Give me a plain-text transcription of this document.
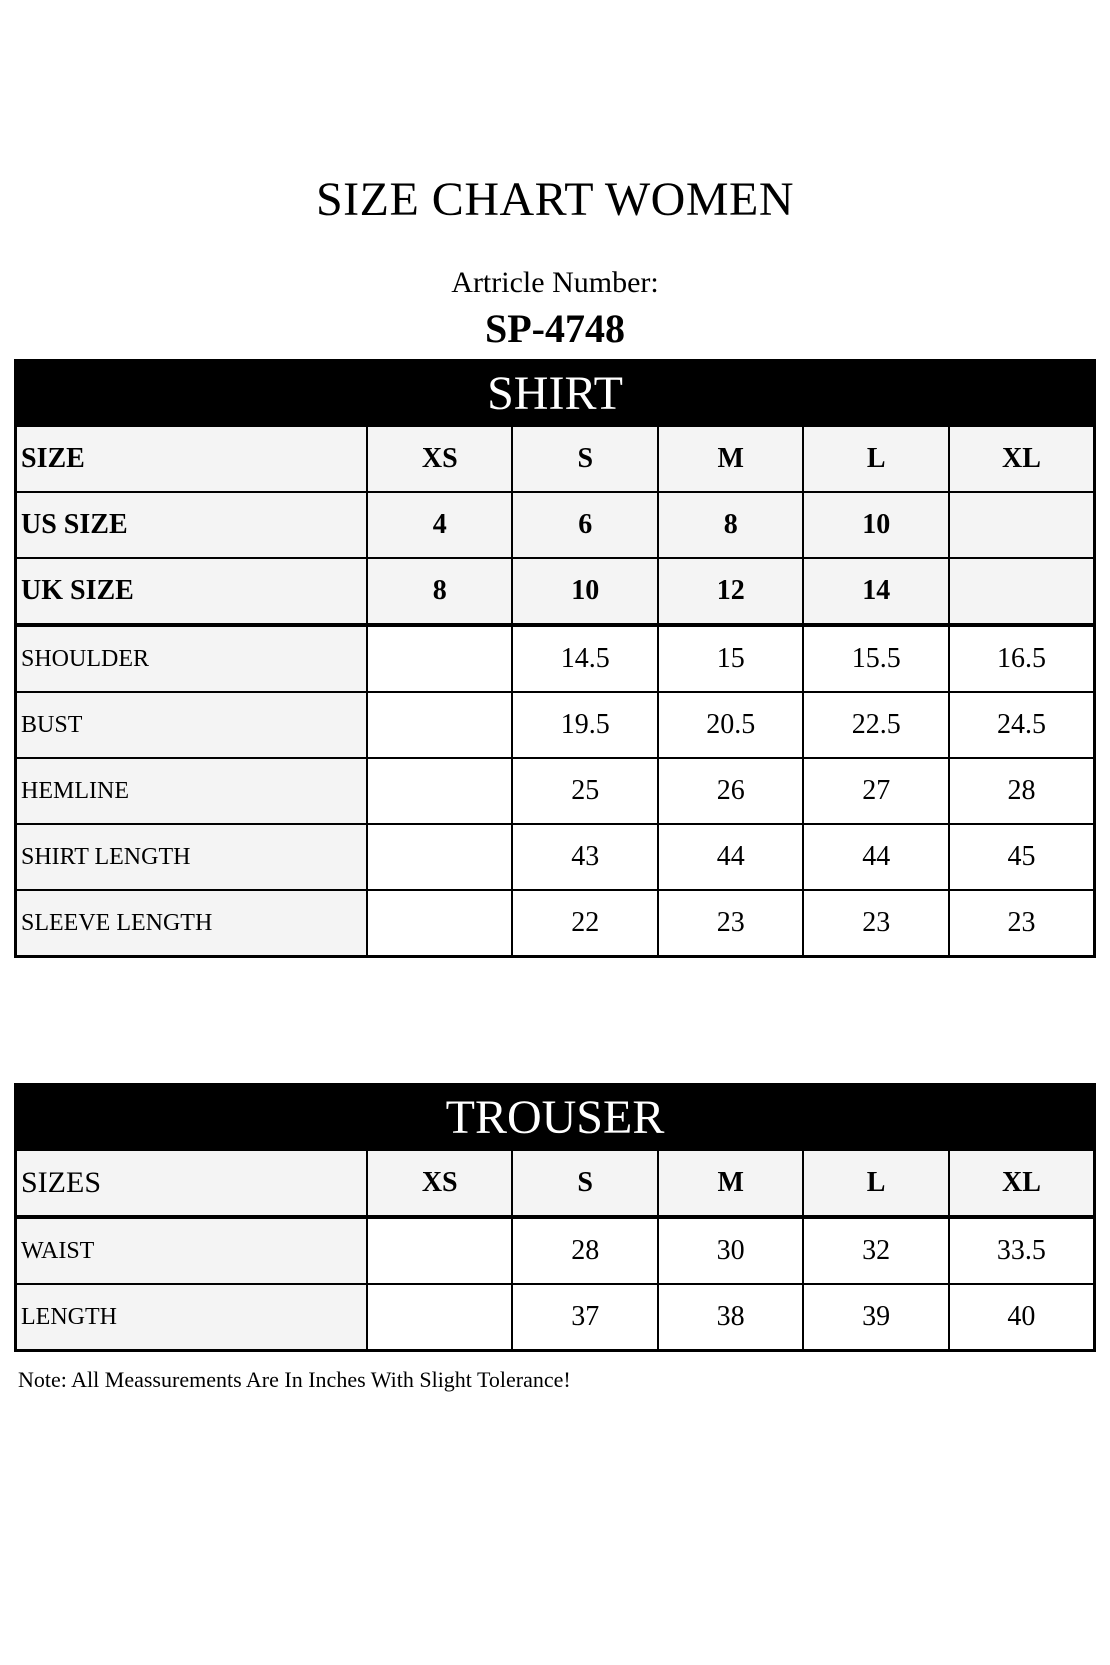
SIZE CHART WOMEN
Artricle Number:
SP-4748
SHIRT					
SIZE	XS	S	M	L	XL
US SIZE	4	6	8	10	
UK SIZE	8	10	12	14	
SHOULDER		14.5	15	15.5	16.5
BUST		19.5	20.5	22.5	24.5
HEMLINE		25	26	27	28
SHIRT LENGTH		43	44	44	45
SLEEVE LENGTH		22	23	23	23
TROUSER					
SIZES	XS	S	M	L	XL
WAIST		28	30	32	33.5
LENGTH		37	38	39	40
Note: All Meassurements Are In Inches With Slight Tolerance!
